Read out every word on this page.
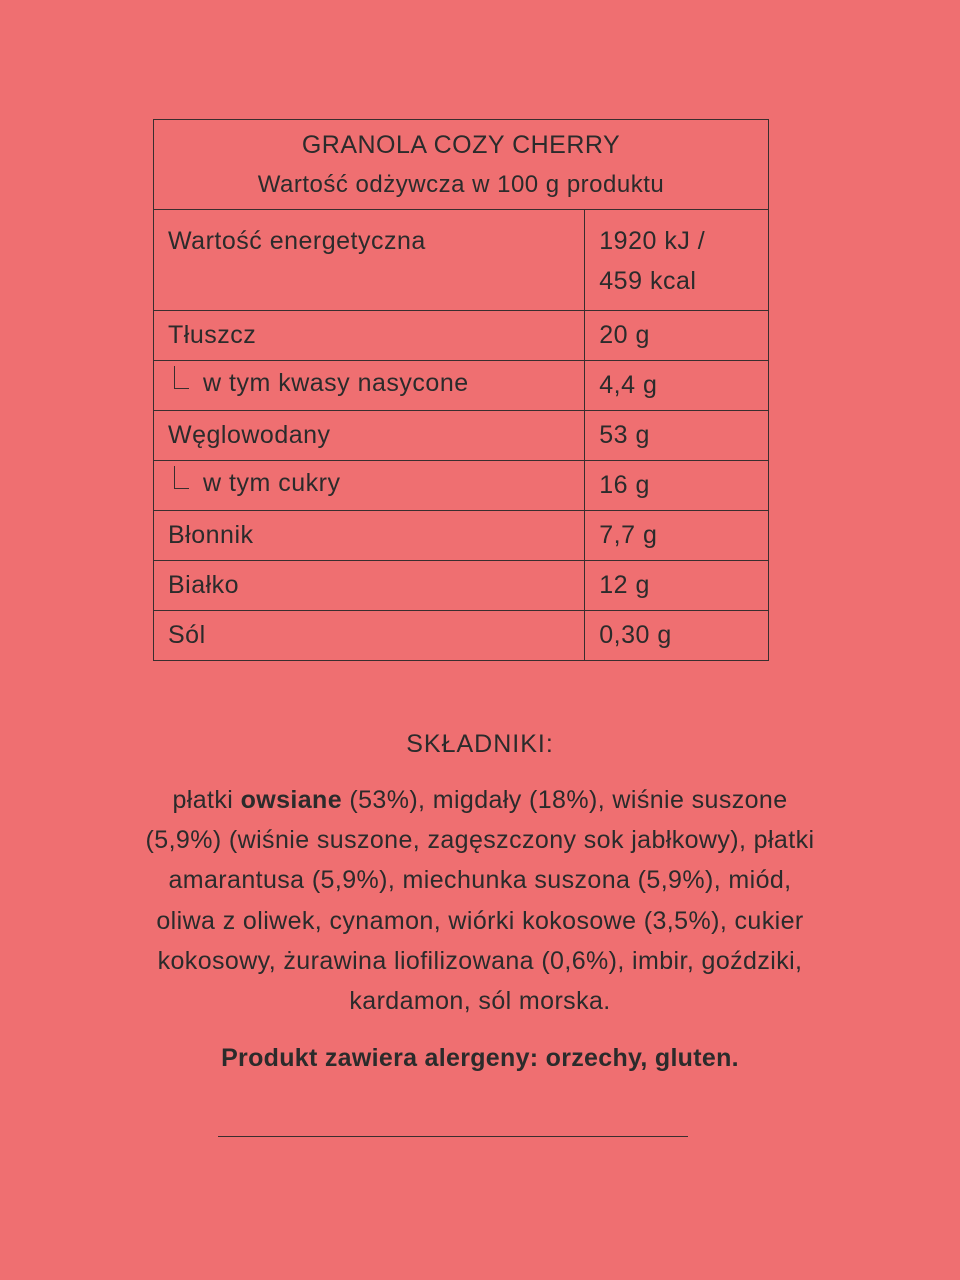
GRANOLA COZY CHERRY
Wartość odżywcza w 100 g produktu	

Wartość energetyczna	1920 kJ /
459 kcal
Tłuszcz	20 g

w tym kwasy nasycone	4,4 g
Węglowodany	53 g

w tym cukry	16 g
Błonnik	7,7 g
Białko	12 g
Sól	0,30 g
SKŁADNIKI:

płatki owsiane (53%), migdały (18%), wiśnie suszone (5,9%) (wiśnie suszone, zagęszczony sok jabłkowy), płatki amarantusa (5,9%), miechunka suszona (5,9%), miód, oliwa z oliwek, cynamon, wiórki kokosowe (3,5%), cukier kokosowy, żurawina liofilizowana (0,6%), imbir, goździki, kardamon, sól morska.

Produkt zawiera alergeny: orzechy, gluten.
